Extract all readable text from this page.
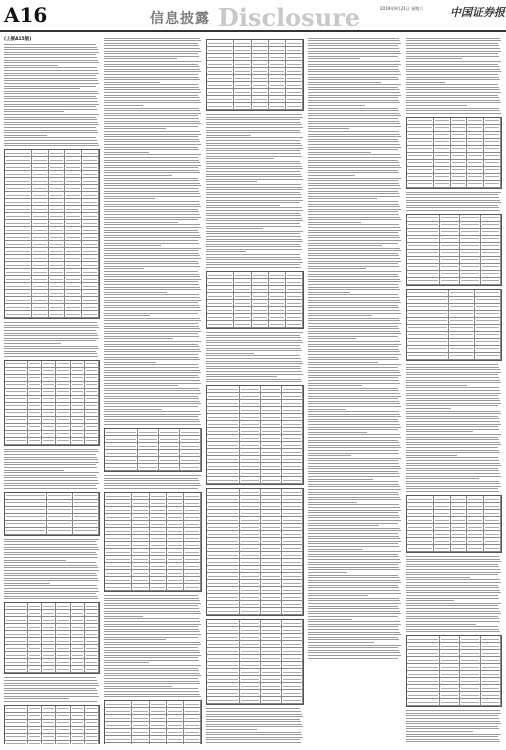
A16	信息披露 Disclosure	2019年9月21日 星期六 中国证券报
(上接A15版)
